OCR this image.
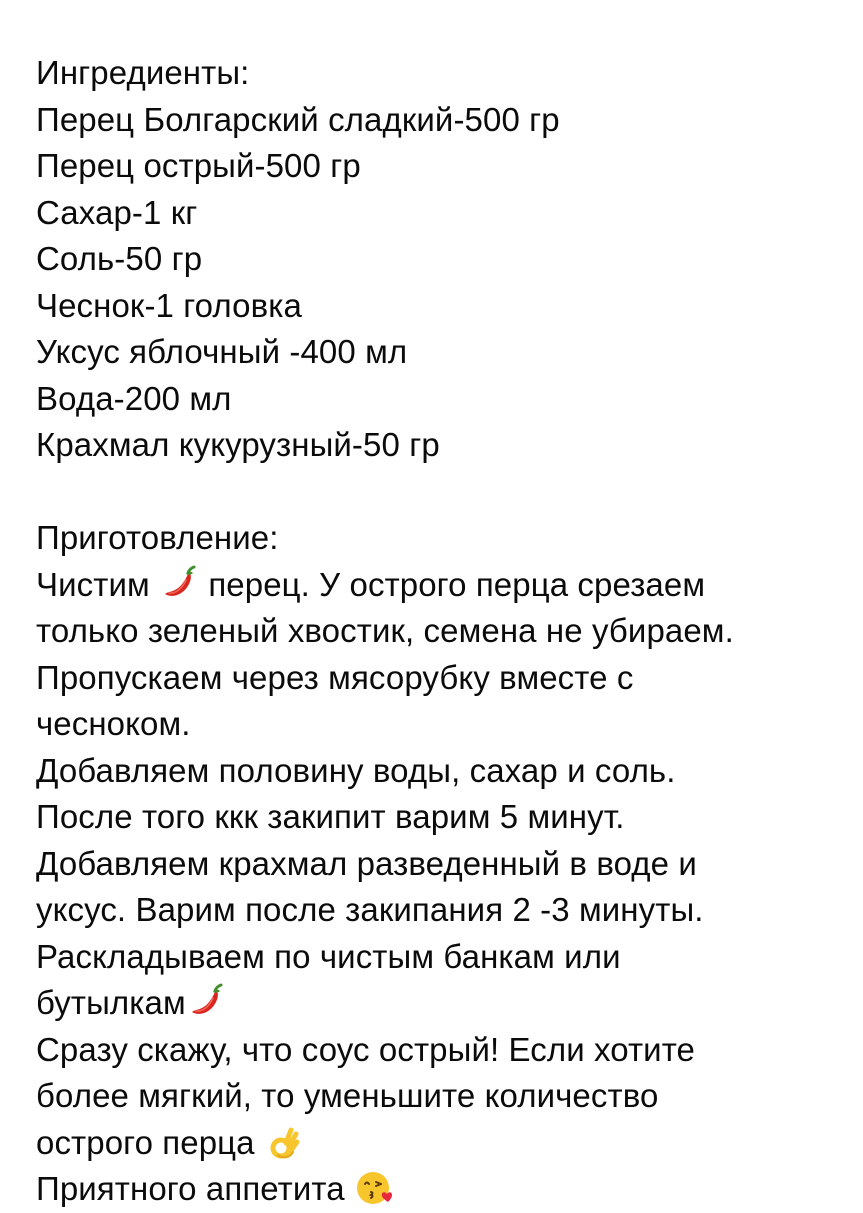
Ингредиенты:
Перец Болгарский сладкий-500 гр
Перец острый-500 гр
Сахар-1 кг
Соль-50 гр
Чеснок-1 головка
Уксус яблочный -400 мл
Вода-200 мл
Крахмал кукурузный-50 гр
Приготовление:
Чистим
перец. У острого перца срезаем
только зеленый хвостик, семена не убираем.
Пропускаем через мясорубку вместе с
чесноком.
Добавляем половину воды, сахар и соль.
После того ккк закипит варим 5 минут.
Добавляем крахмал разведенный в воде и
уксус. Варим после закипания 2 -3 минуты.
Раскладываем по чистым банкам или
бутылкам
Сразу скажу, что соус острый! Если хотите
более мягкий, то уменьшите количество
острого перца
Приятного аппетита
